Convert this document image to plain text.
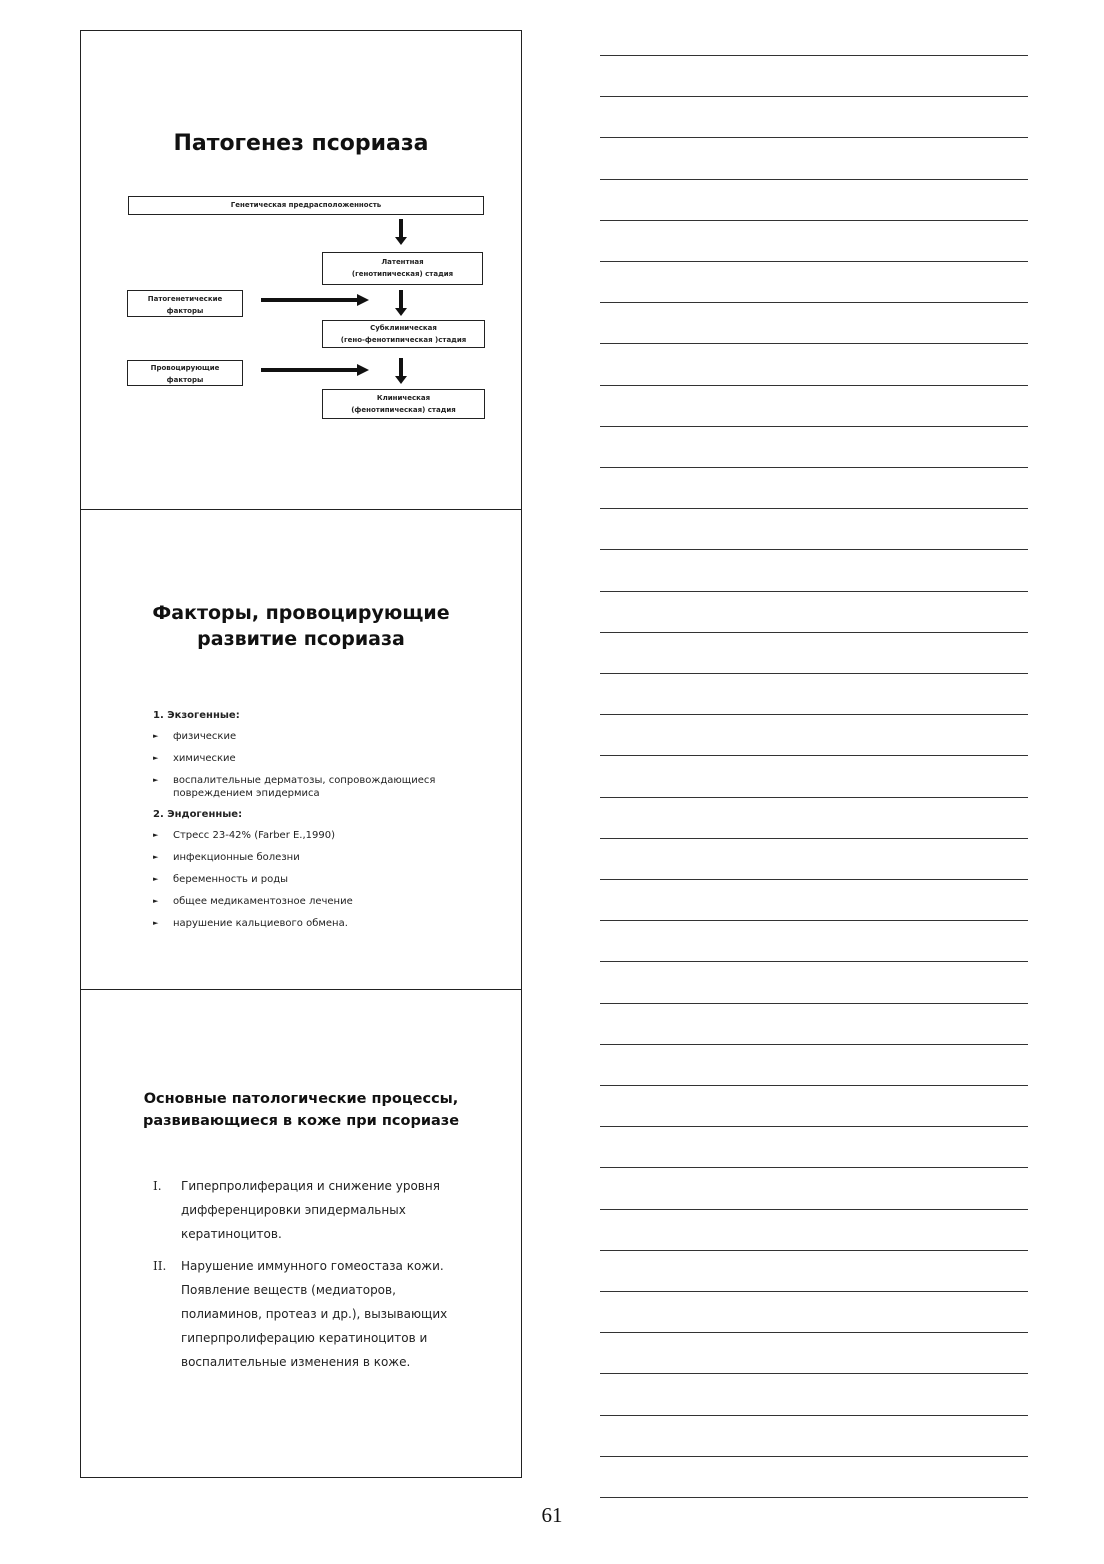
Патогенез псориаза
Генетическая предрасположенность
Латентная
(генотипическая) стадия
Патогенетические
факторы
Субклиническая
(гено-фенотипическая )стадия
Провоцирующие
факторы
Клиническая
(фенотипическая) стадия
Факторы, провоцирующие
развитие псориаза
1. Экзогенные:
► физические
► химические
► воспалительные дерматозы, сопровождающиеся повреждением эпидермиса
2. Эндогенные:
► Стресс 23-42% (Farber E.,1990)
► инфекционные болезни
► беременность и роды
► общее медикаментозное лечение
► нарушение кальциевого обмена.
Основные патологические процессы,
развивающиеся в коже при псориазе
I. Гиперпролиферация и снижение уровня дифференцировки эпидермальных кератиноцитов.
II. Нарушение иммунного гомеостаза кожи. Появление веществ (медиаторов, полиаминов, протеаз и др.), вызывающих гиперпролиферацию кератиноцитов и воспалительные изменения в коже.
61
